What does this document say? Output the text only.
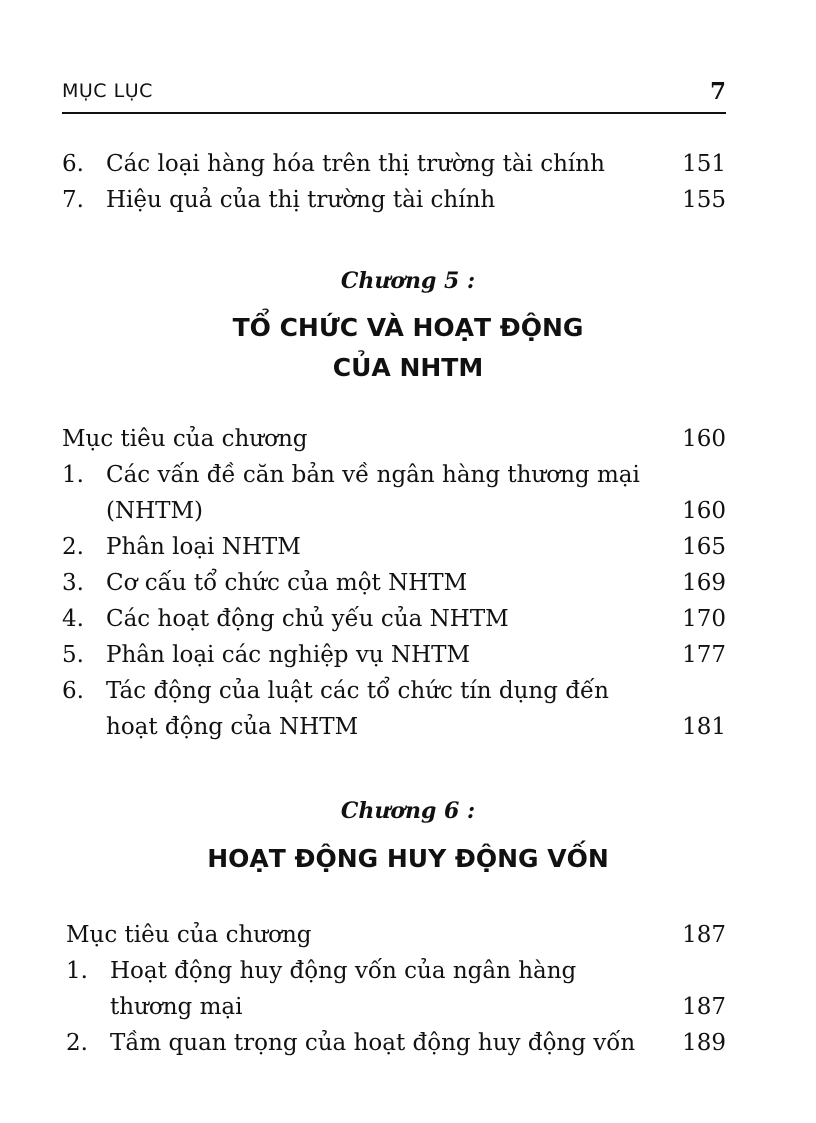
MỤC LỤC	7
6. Các loại hàng hóa trên thị trường tài chính	151
7. Hiệu quả của thị trường tài chính	155
Chương 5 :
TỔ CHỨC VÀ HOẠT ĐỘNG
CỦA NHTM
Mục tiêu của chương	160
1. Các vấn đề căn bản về ngân hàng thương mại
(NHTM)	160
2. Phân loại NHTM	165
3. Cơ cấu tổ chức của một NHTM	169
4. Các hoạt động chủ yếu của NHTM	170
5. Phân loại các nghiệp vụ NHTM	177
6. Tác động của luật các tổ chức tín dụng đến
hoạt động của NHTM	181
Chương 6 :
HOẠT ĐỘNG HUY ĐỘNG VỐN
Mục tiêu của chương	187
1. Hoạt động huy động vốn của ngân hàng
thương mại	187
2. Tầm quan trọng của hoạt động huy động vốn 189
